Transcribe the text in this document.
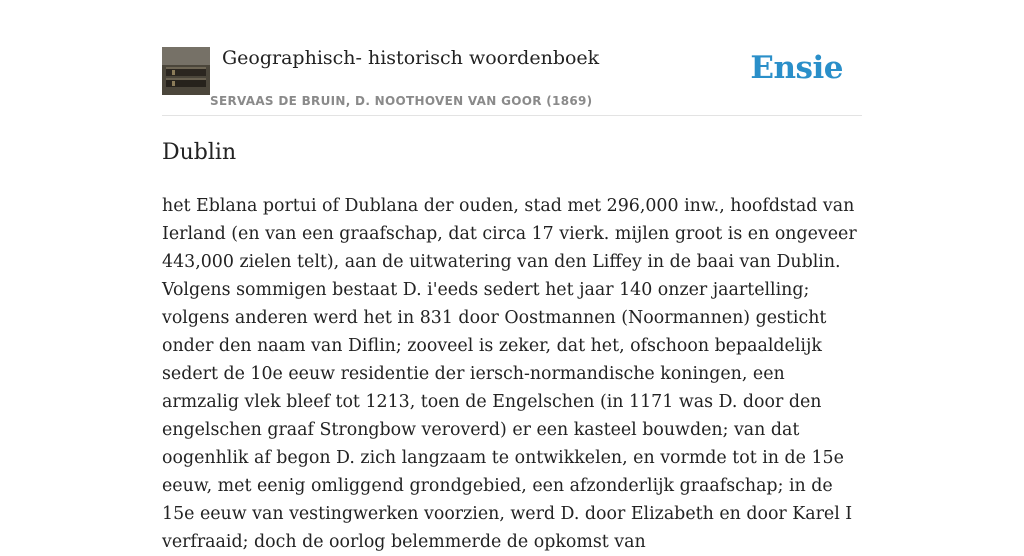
Geographisch- historisch woordenboek
SERVAAS DE BRUIN, D. NOOTHOVEN VAN GOOR (1869)
Ensie
Dublin

het Eblana portui of Dublana der ouden, stad met 296,000 inw., hoofdstad van Ierland (en van een graafschap, dat circa 17 vierk. mijlen groot is en ongeveer 443,000 zielen telt), aan de uitwatering van den Liffey in de baai van Dublin. Volgens sommigen bestaat D. i'eeds sedert het jaar 140 onzer jaartelling; volgens anderen werd het in 831 door Oostmannen (Noormannen) gesticht onder den naam van Diflin; zooveel is zeker, dat het, ofschoon bepaaldelijk sedert de 10e eeuw residentie der iersch-normandische koningen, een armzalig vlek bleef tot 1213, toen de Engelschen (in 1171 was D. door den engelschen graaf Strongbow veroverd) er een kasteel bouwden; van dat oogenhlik af begon D. zich langzaam te ontwikkelen, en vormde tot in de 15e eeuw, met eenig omliggend grondgebied, een afzonderlijk graafschap; in de 15e eeuw van vestingwerken voorzien, werd D. door Elizabeth en door Karel I verfraaid; doch de oorlog belemmerde de opkomst van
